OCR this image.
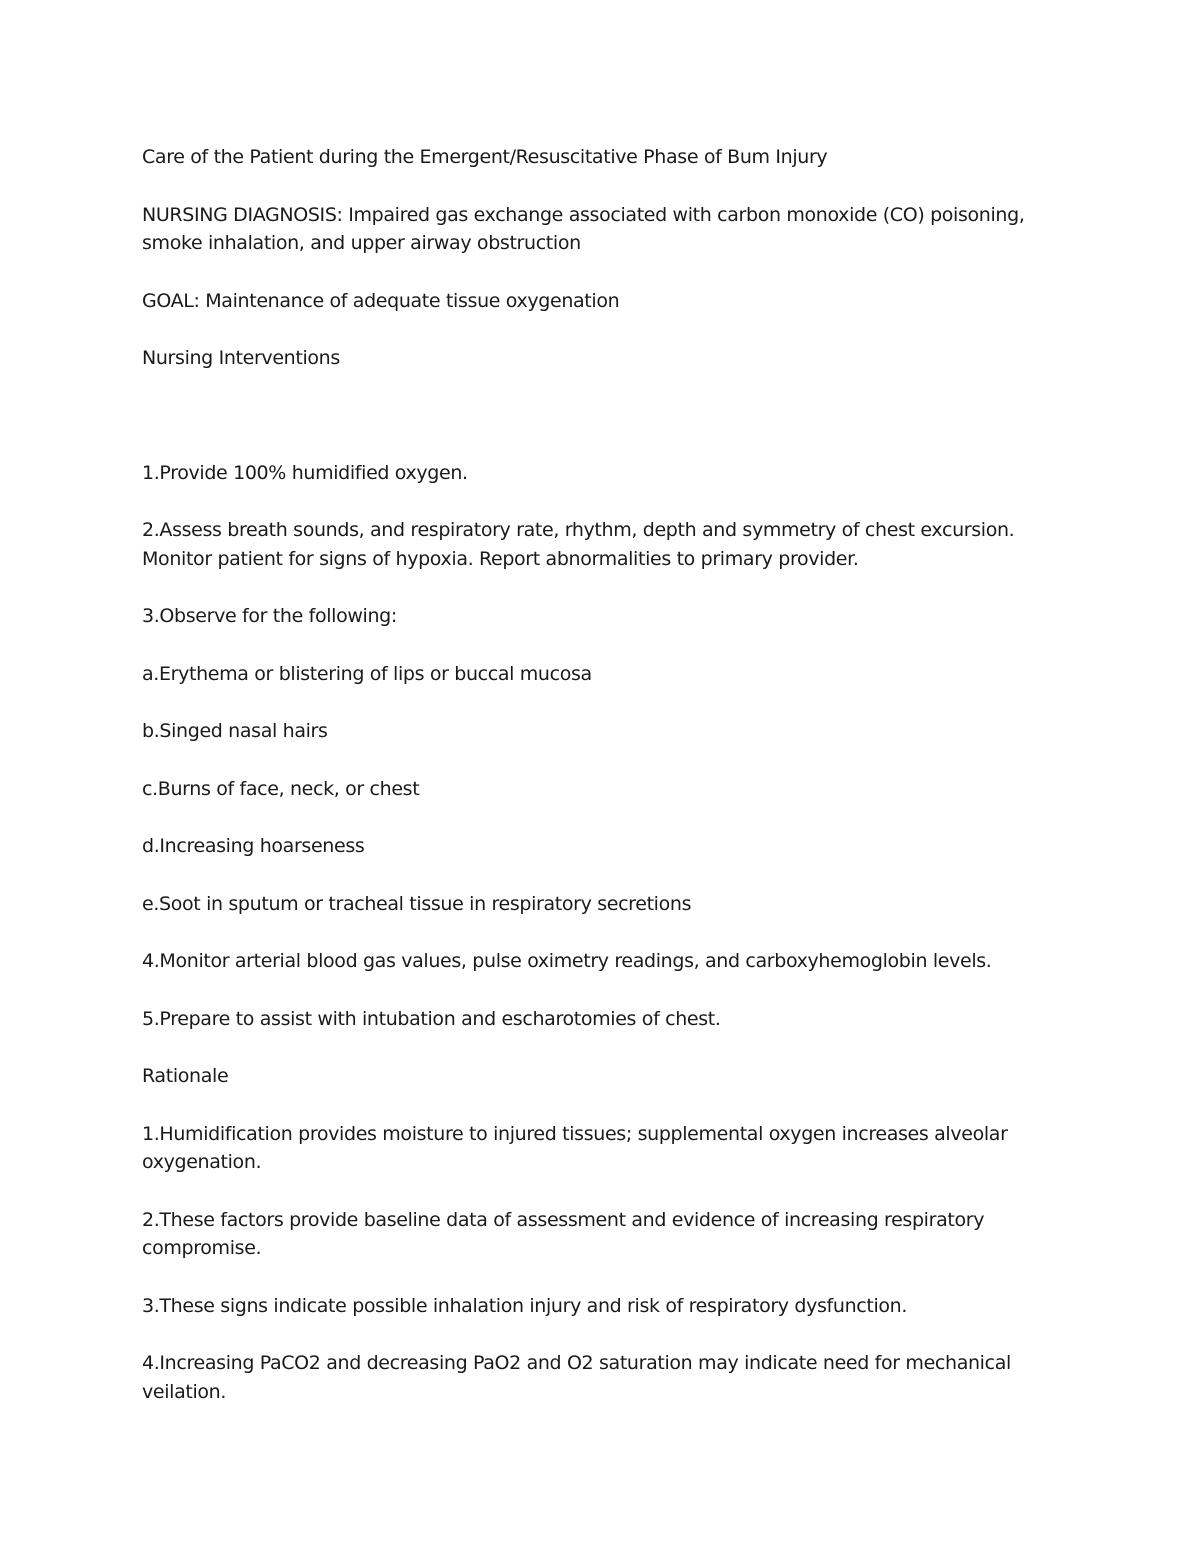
Care of the Patient during the Emergent/Resuscitative Phase of Bum Injury

NURSING DIAGNOSIS: Impaired gas exchange associated with carbon monoxide (CO) poisoning, smoke inhalation, and upper airway obstruction

GOAL: Maintenance of adequate tissue oxygenation

Nursing Interventions

1.Provide 100% humidified oxygen.

2.Assess breath sounds, and respiratory rate, rhythm, depth and symmetry of chest excursion. Monitor patient for signs of hypoxia. Report abnormalities to primary provider.

3.Observe for the following:

a.Erythema or blistering of lips or buccal mucosa

b.Singed nasal hairs

c.Burns of face, neck, or chest

d.Increasing hoarseness

e.Soot in sputum or tracheal tissue in respiratory secretions

4.Monitor arterial blood gas values, pulse oximetry readings, and carboxyhemoglobin levels.

5.Prepare to assist with intubation and escharotomies of chest.

Rationale

1.Humidification provides moisture to injured tissues; supplemental oxygen increases alveolar oxygenation.

2.These factors provide baseline data of assessment and evidence of increasing respiratory compromise.

3.These signs indicate possible inhalation injury and risk of respiratory dysfunction.

4.Increasing PaCO2 and decreasing PaO2 and O2 saturation may indicate need for mechanical veilation.
